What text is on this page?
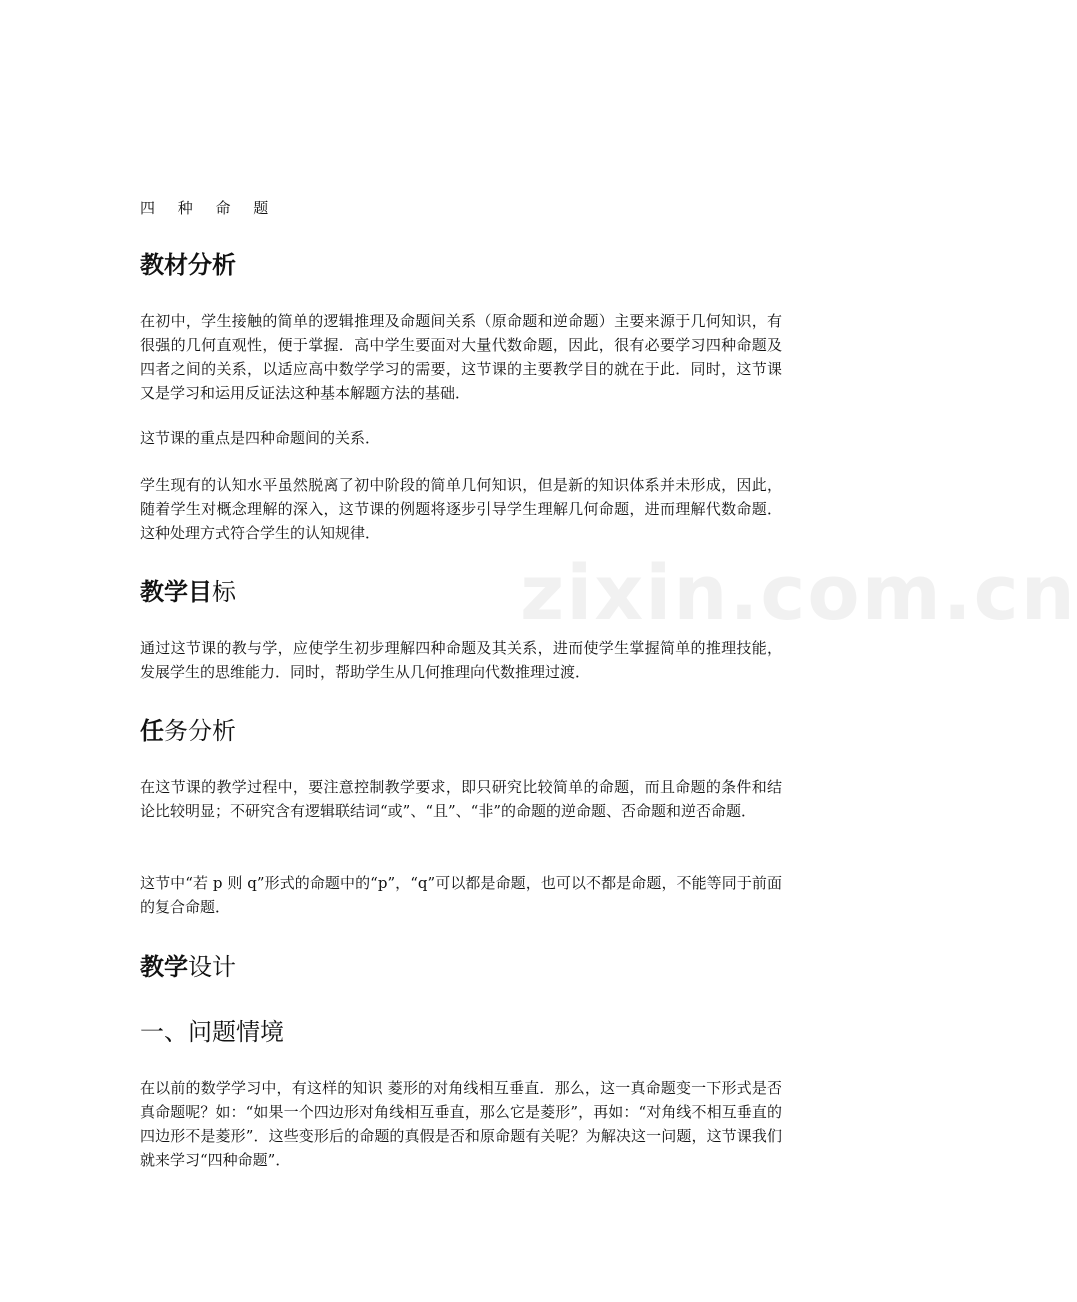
zixin.com.cn
四 种 命 题
教材分析

在初中，学生接触的简单的逻辑推理及命题间关系（原命题和逆命题）主要来源于几何知识，有很强的几何直观性，便于掌握．高中学生要面对大量代数命题，因此，很有必要学习四种命题及四者之间的关系，以适应高中数学学习的需要，这节课的主要教学目的就在于此．同时，这节课又是学习和运用反证法这种基本解题方法的基础．

这节课的重点是四种命题间的关系．

学生现有的认知水平虽然脱离了初中阶段的简单几何知识，但是新的知识体系并未形成，因此，随着学生对概念理解的深入，这节课的例题将逐步引导学生理解几何命题，进而理解代数命题．这种处理方式符合学生的认知规律．

教学目标

通过这节课的教与学，应使学生初步理解四种命题及其关系，进而使学生掌握简单的推理技能，发展学生的思维能力．同时，帮助学生从几何推理向代数推理过渡．

任务分析

在这节课的教学过程中，要注意控制教学要求，即只研究比较简单的命题，而且命题的条件和结论比较明显；不研究含有逻辑联结词“或”、“且”、“非”的命题的逆命题、否命题和逆否命题．

这节中“若 p 则 q”形式的命题中的“p”，“q”可以都是命题，也可以不都是命题，不能等同于前面的复合命题．

教学设计
一、问题情境

在以前的数学学习中，有这样的知识 菱形的对角线相互垂直．那么，这一真命题变一下形式是否真命题呢？如：“如果一个四边形对角线相互垂直，那么它是菱形”，再如：“对角线不相互垂直的四边形不是菱形”．这些变形后的命题的真假是否和原命题有关呢？为解决这一问题，这节课我们就来学习“四种命题”．
